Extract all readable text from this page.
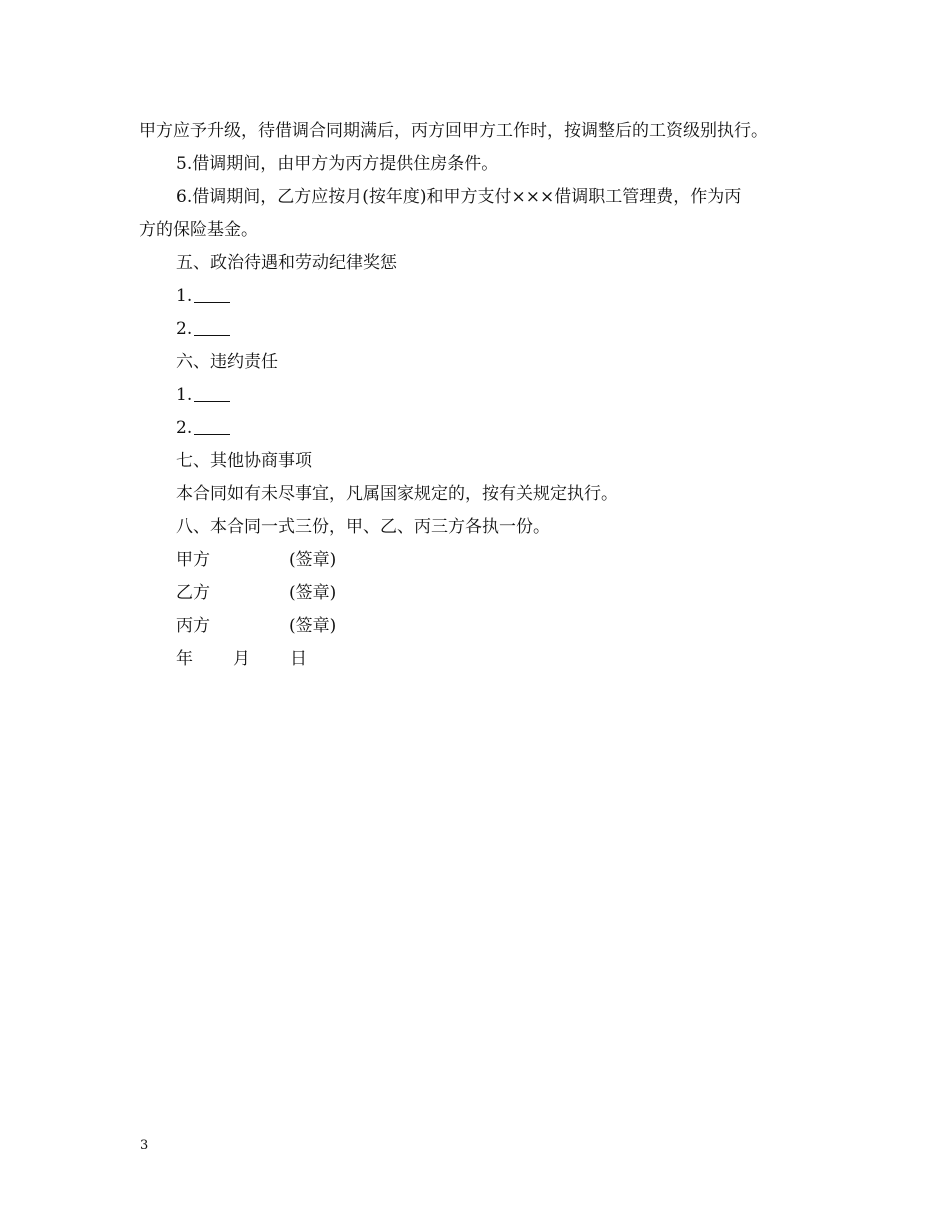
甲方应予升级，待借调合同期满后，丙方回甲方工作时，按调整后的工资级别执行。
5.借调期间，由甲方为丙方提供住房条件。
6.借调期间，乙方应按月(按年度)和甲方支付×××借调职工管理费，作为丙
方的保险基金。
五、政治待遇和劳动纪律奖惩
1.
2.
六、违约责任
1.
2.
七、其他协商事项
本合同如有未尽事宜，凡属国家规定的，按有关规定执行。
八、本合同一式三份，甲、乙、丙三方各执一份。
甲方	(签章)
乙方	(签章)
丙方	(签章)
年 月 日
3
